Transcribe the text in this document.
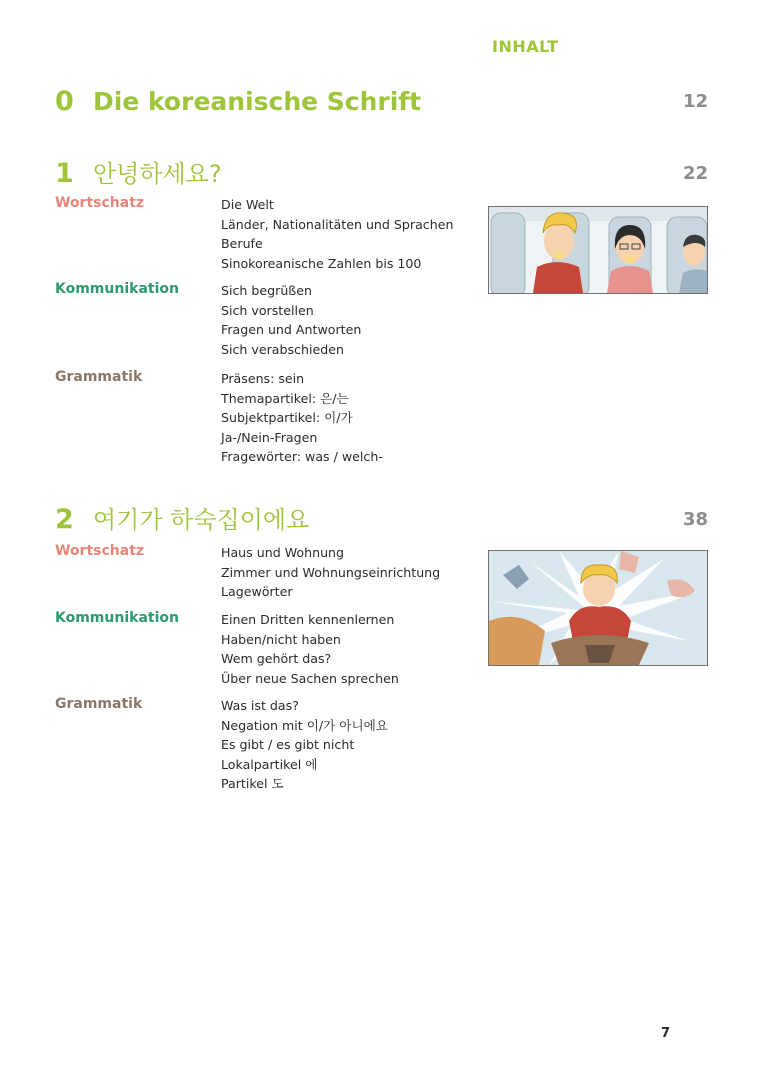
INHALT
0 Die koreanische Schrift	12
1 안녕하세요?	22
Wortschatz	Die Welt
Länder, Nationalitäten und Sprachen
Berufe
Sinokoreanische Zahlen bis 100
Kommunikation	Sich begrüßen
Sich vorstellen
Fragen und Antworten
Sich verabschieden
Grammatik	Präsens: sein
Themapartikel: 은/는
Subjektpartikel: 이/가
Ja-/Nein-Fragen
Fragewörter: was / welch-
2 여기가 하숙집이에요	38
Wortschatz	Haus und Wohnung
Zimmer und Wohnungseinrichtung
Lagewörter
Kommunikation	Einen Dritten kennenlernen
Haben/nicht haben
Wem gehört das?
Über neue Sachen sprechen
Grammatik	Was ist das?
Negation mit 이/가 아니에요
Es gibt / es gibt nicht
Lokalpartikel 에
Partikel 도
7
